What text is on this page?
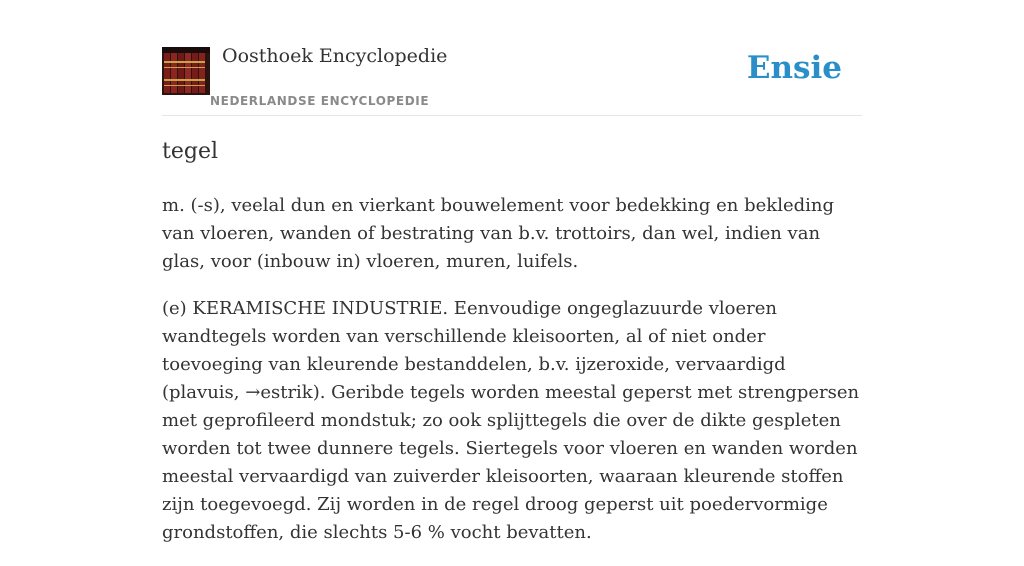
Oosthoek Encyclopedie
NEDERLANDSE ENCYCLOPEDIE
Ensie
tegel

m. (-s), veelal dun en vierkant bouwelement voor bedekking en bekleding van vloeren, wanden of bestrating van b.v. trottoirs, dan wel, indien van glas, voor (inbouw in) vloeren, muren, luifels.

(e) KERAMISCHE INDUSTRIE. Eenvoudige ongeglazuurde vloeren wandtegels worden van verschillende kleisoorten, al of niet onder toevoeging van kleurende bestanddelen, b.v. ijzeroxide, vervaardigd (plavuis, →estrik). Geribde tegels worden meestal geperst met strengpersen met geprofileerd mondstuk; zo ook splijttegels die over de dikte gespleten worden tot twee dunnere tegels. Siertegels voor vloeren en wanden worden meestal vervaardigd van zuiverder kleisoorten, waaraan kleurende stoffen zijn toegevoegd. Zij worden in de regel droog geperst uit poedervormige grondstoffen, die slechts 5-6 % vocht bevatten.
